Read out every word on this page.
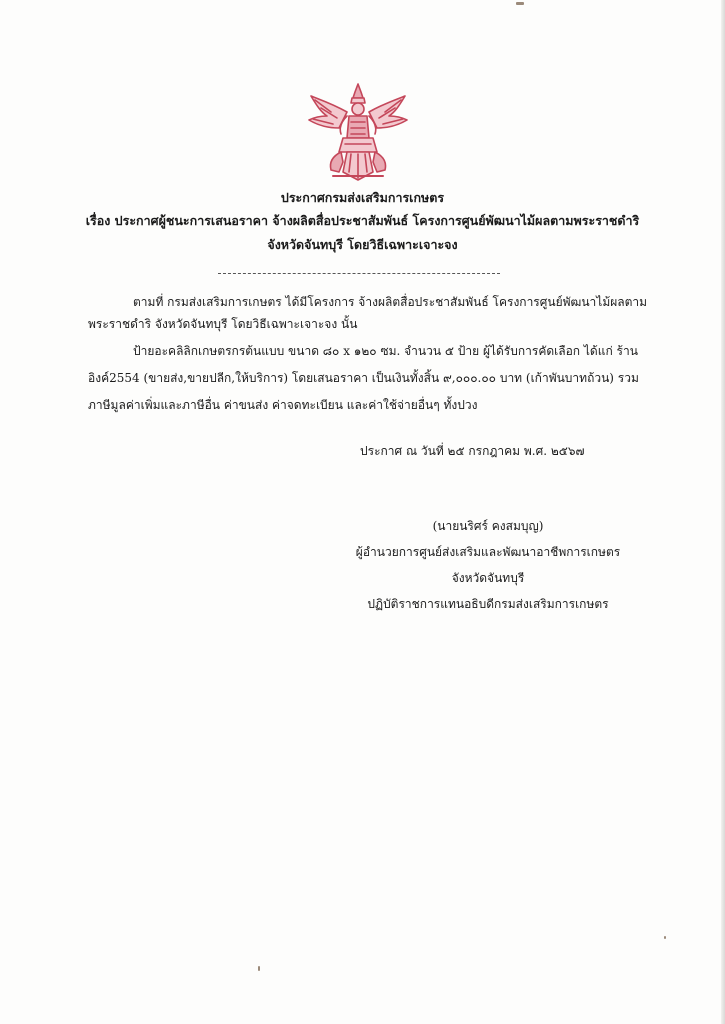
ประกาศกรมส่งเสริมการเกษตร
เรื่อง ประกาศผู้ชนะการเสนอราคา จ้างผลิตสื่อประชาสัมพันธ์ โครงการศูนย์พัฒนาไม้ผลตามพระราชดำริ
จังหวัดจันทบุรี โดยวิธีเฉพาะเจาะจง
ตามที่ กรมส่งเสริมการเกษตร ได้มีโครงการ จ้างผลิตสื่อประชาสัมพันธ์ โครงการศูนย์พัฒนาไม้ผลตาม
พระราชดำริ จังหวัดจันทบุรี โดยวิธีเฉพาะเจาะจง นั้น
ป้ายอะคลิลิกเกษตรกรต้นแบบ ขนาด ๘๐ x ๑๒๐ ซม. จำนวน ๕ ป้าย ผู้ได้รับการคัดเลือก ได้แก่ ร้าน
อิงค์2554 (ขายส่ง,ขายปลีก,ให้บริการ) โดยเสนอราคา เป็นเงินทั้งสิ้น ๙,๐๐๐.๐๐ บาท (เก้าพันบาทถ้วน) รวม
ภาษีมูลค่าเพิ่มและภาษีอื่น ค่าขนส่ง ค่าจดทะเบียน และค่าใช้จ่ายอื่นๆ ทั้งปวง
ประกาศ ณ วันที่ ๒๕ กรกฎาคม พ.ศ. ๒๕๖๗
(นายนริศร์ คงสมบุญ)
ผู้อำนวยการศูนย์ส่งเสริมและพัฒนาอาชีพการเกษตร
จังหวัดจันทบุรี
ปฏิบัติราชการแทนอธิบดีกรมส่งเสริมการเกษตร
